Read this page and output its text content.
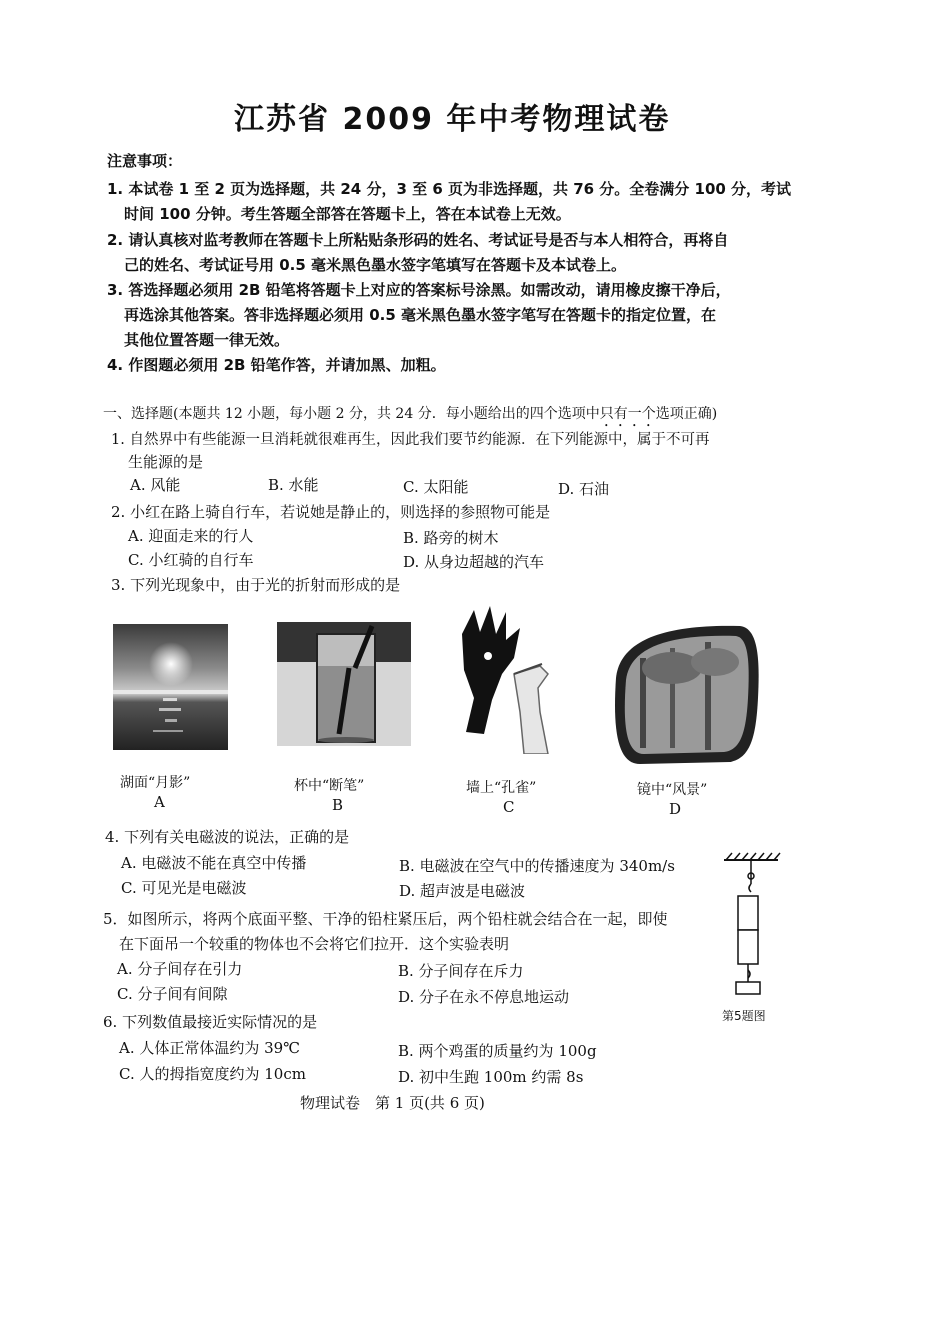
江苏省 2009 年中考物理试卷
注意事项：
1. 本试卷 1 至 2 页为选择题，共 24 分，3 至 6 页为非选择题，共 76 分。全卷满分 100 分，考试
时间 100 分钟。考生答题全部答在答题卡上，答在本试卷上无效。
2. 请认真核对监考教师在答题卡上所粘贴条形码的姓名、考试证号是否与本人相符合，再将自
己的姓名、考试证号用 0.5 毫米黑色墨水签字笔填写在答题卡及本试卷上。
3. 答选择题必须用 2B 铅笔将答题卡上对应的答案标号涂黑。如需改动，请用橡皮擦干净后，
再选涂其他答案。答非选择题必须用 0.5 毫米黑色墨水签字笔写在答题卡的指定位置，在
其他位置答题一律无效。
4. 作图题必须用 2B 铅笔作答，并请加黑、加粗。
一、选择题(本题共 12 小题，每小题 2 分，共 24 分．每小题给出的四个选项中只有一个选项正确)
1. 自然界中有些能源一旦消耗就很难再生，因此我们要节约能源．在下列能源中，属于不可再
生能源的是
A. 风能	B. 水能	C. 太阳能	D. 石油
2. 小红在路上骑自行车，若说她是静止的，则选择的参照物可能是
A. 迎面走来的行人	B. 路旁的树木
C. 小红骑的自行车	D. 从身边超越的汽车
3. 下列光现象中，由于光的折射而形成的是
湖面“月影”
A
杯中“断笔”
B
墙上“孔雀”
C
镜中“风景”
D
4. 下列有关电磁波的说法，正确的是
A. 电磁波不能在真空中传播	B. 电磁波在空气中的传播速度为 340m/s
C. 可见光是电磁波	D. 超声波是电磁波
5．如图所示，将两个底面平整、干净的铅柱紧压后，两个铅柱就会结合在一起，即使
在下面吊一个较重的物体也不会将它们拉开．这个实验表明
A. 分子间存在引力	B. 分子间存在斥力
C. 分子间有间隙	D. 分子在永不停息地运动
第5题图
6. 下列数值最接近实际情况的是
A. 人体正常体温约为 39℃	B. 两个鸡蛋的质量约为 100g
C. 人的拇指宽度约为 10cm	D. 初中生跑 100m 约需 8s
物理试卷　第 1 页(共 6 页)
